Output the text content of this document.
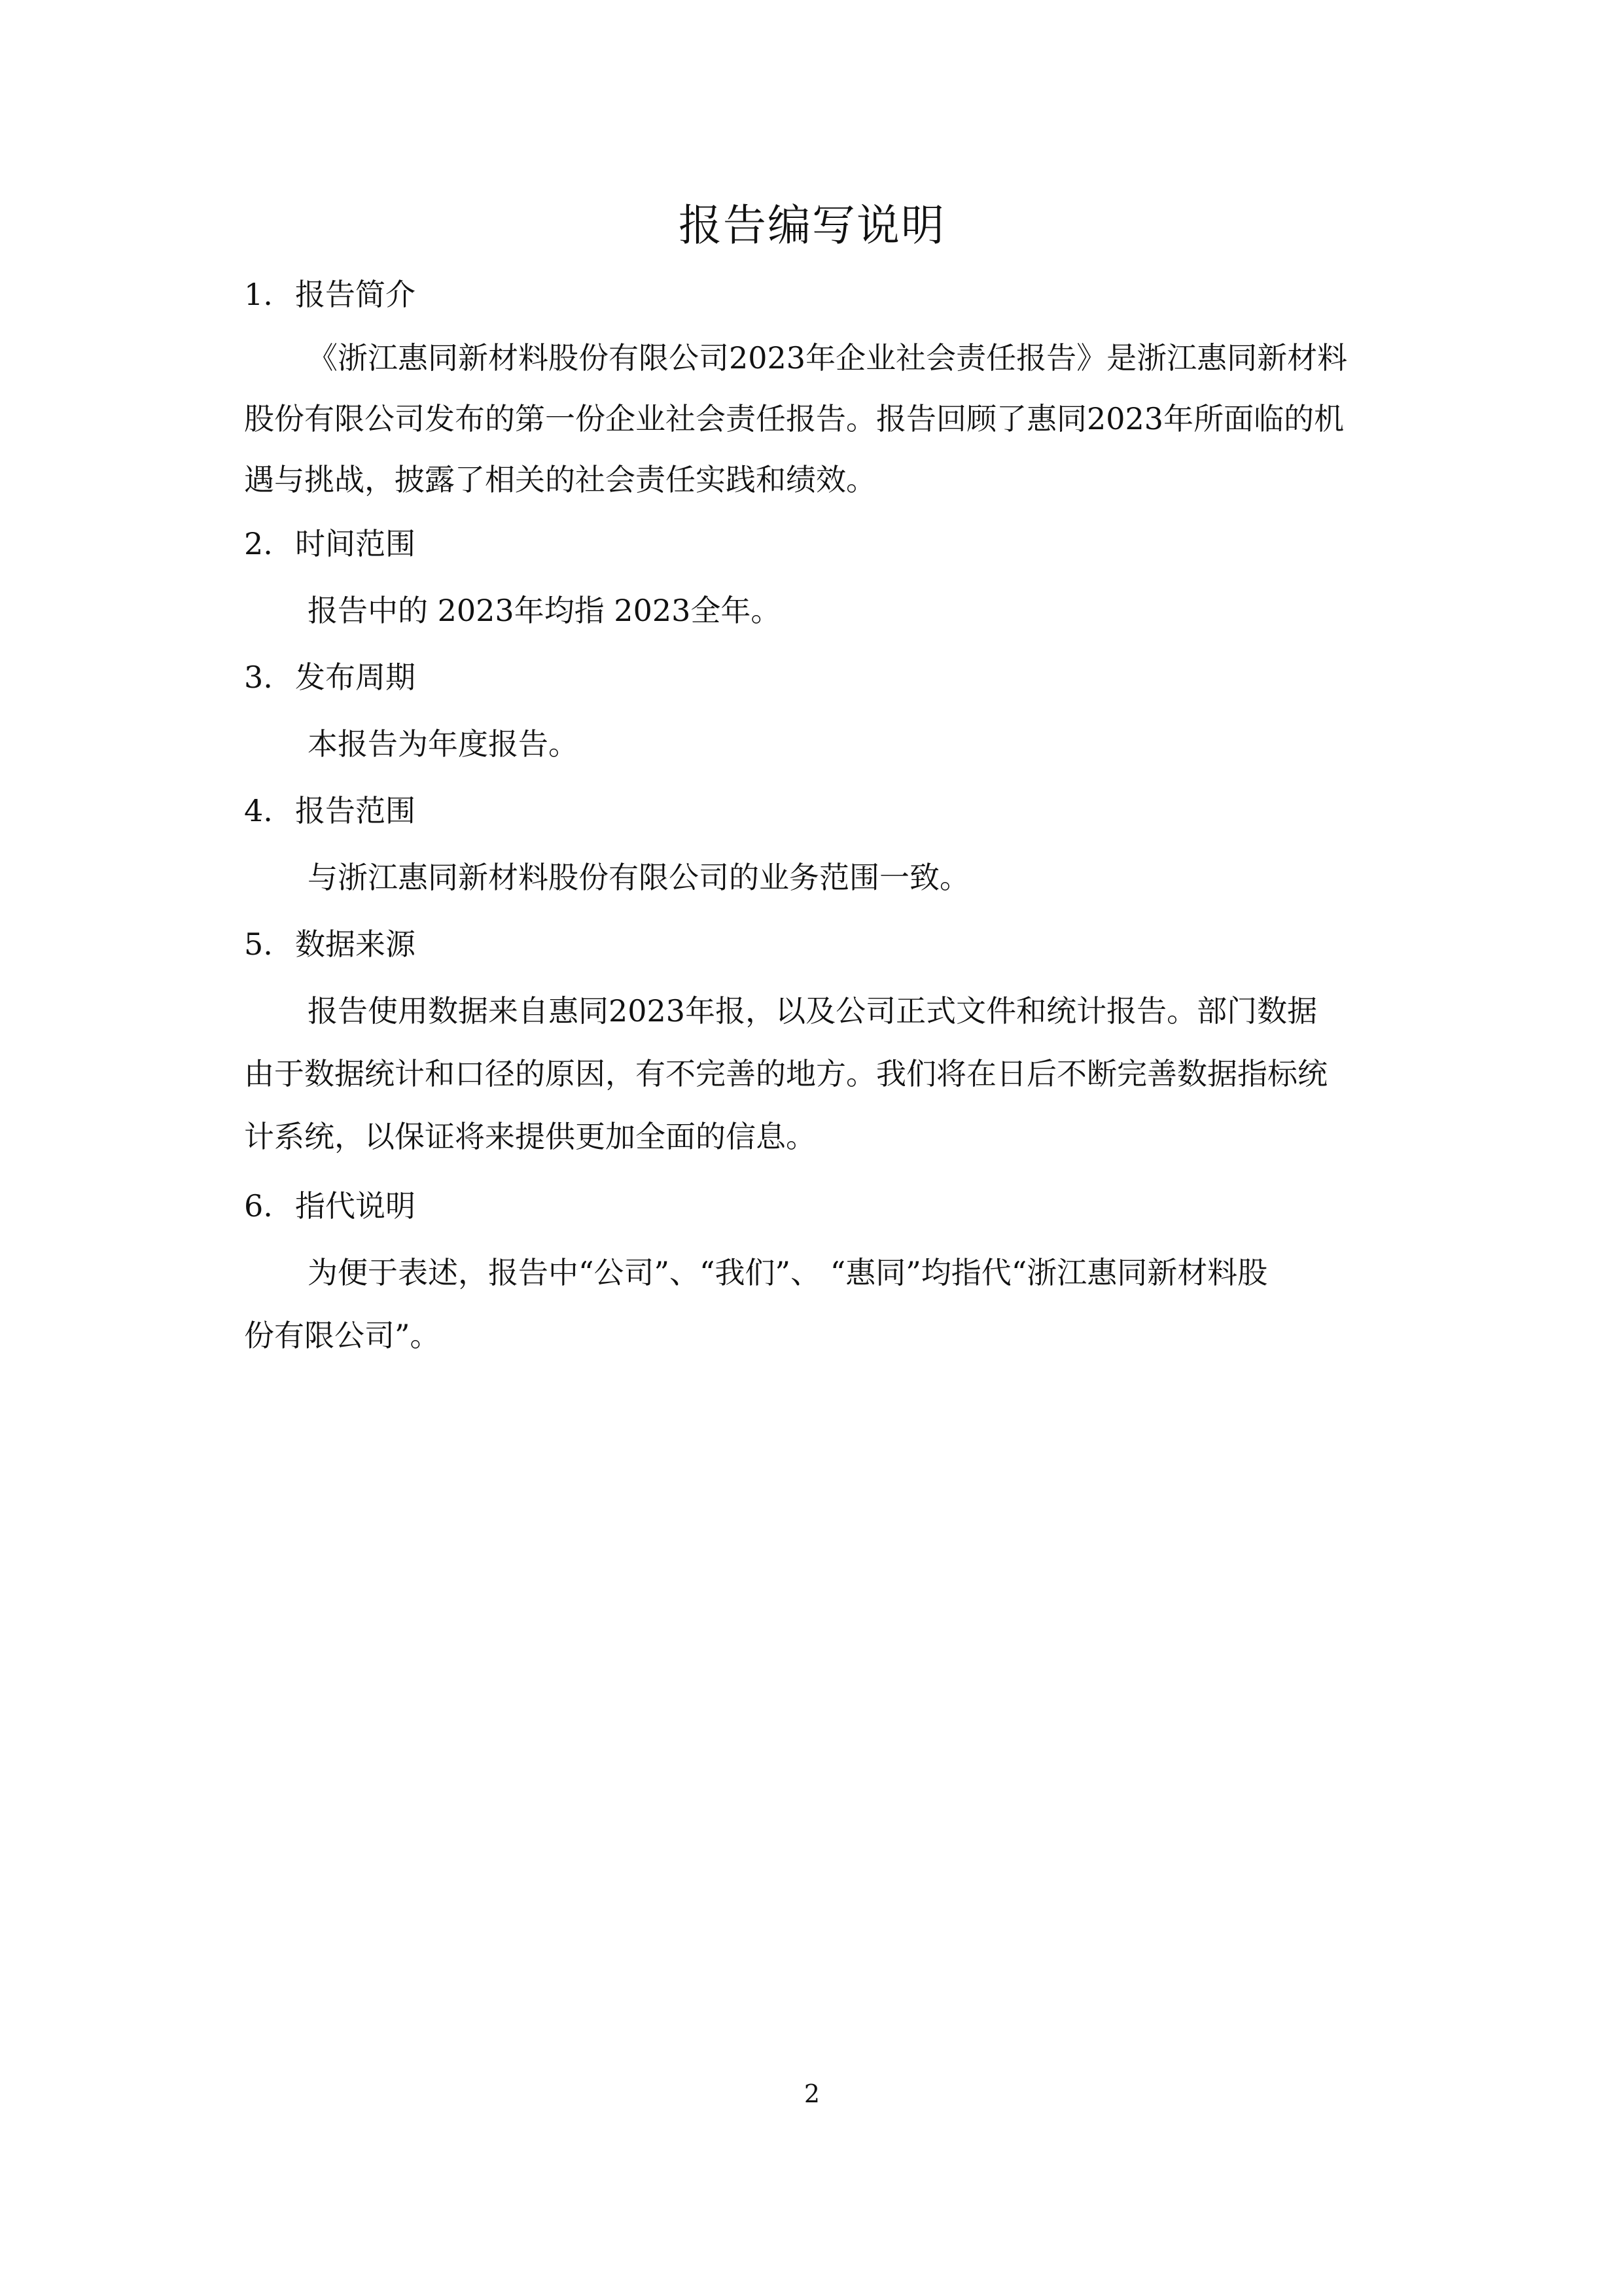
报告编写说明
1. 报告简介
《浙江惠同新材料股份有限公司2023年企业社会责任报告》是浙江惠同新材料
股份有限公司发布的第一份企业社会责任报告。报告回顾了惠同2023年所面临的机
遇与挑战，披露了相关的社会责任实践和绩效。
2. 时间范围
报告中的 2023年均指 2023全年。
3. 发布周期
本报告为年度报告。
4. 报告范围
与浙江惠同新材料股份有限公司的业务范围一致。
5. 数据来源
报告使用数据来自惠同2023年报，以及公司正式文件和统计报告。部门数据
由于数据统计和口径的原因，有不完善的地方。我们将在日后不断完善数据指标统
计系统，以保证将来提供更加全面的信息。
6. 指代说明
为便于表述，报告中“公司”、“我们”、 “惠同”均指代“浙江惠同新材料股
份有限公司”。
2
